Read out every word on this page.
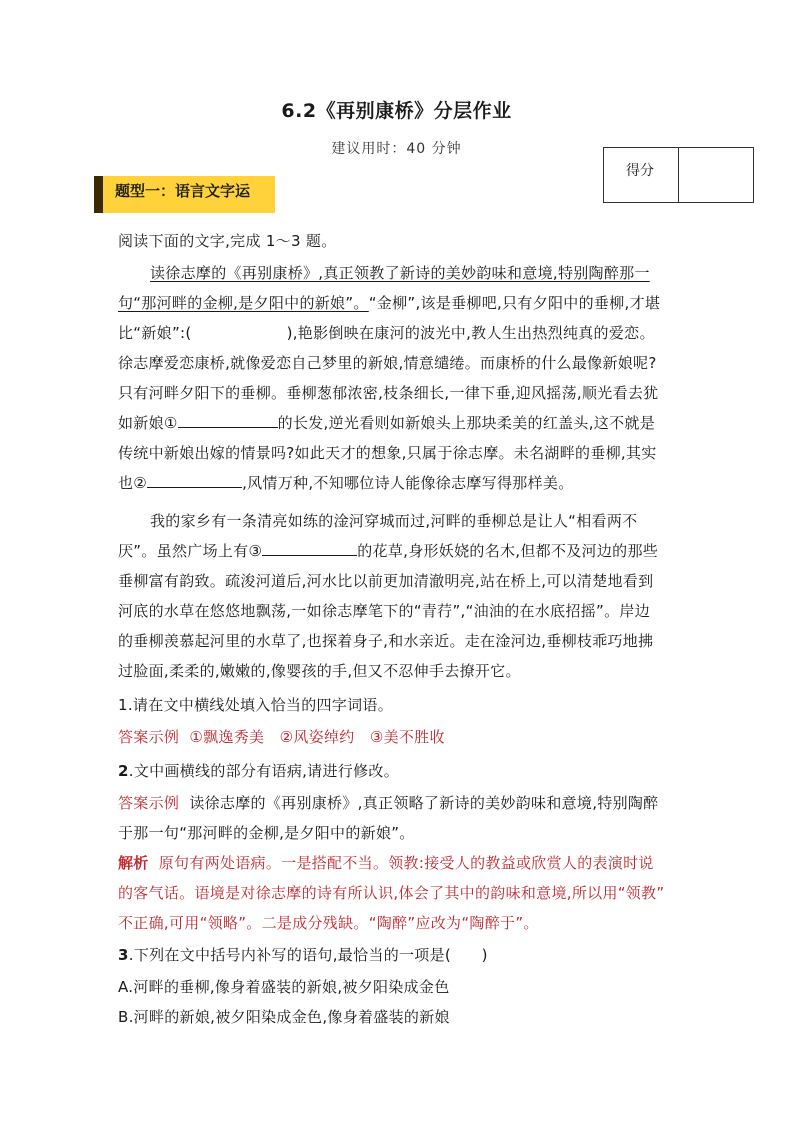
6.2《再别康桥》分层作业
建议用时：40 分钟
得分
题型一：语言文字运
阅读下面的文字,完成 1～3 题。
读徐志摩的《再别康桥》,真正领教了新诗的美妙韵味和意境,特别陶醉那一
句“那河畔的金柳,是夕阳中的新娘”。“金柳”,该是垂柳吧,只有夕阳中的垂柳,才堪
比“新娘”:(	),艳影倒映在康河的波光中,教人生出热烈纯真的爱恋。
徐志摩爱恋康桥,就像爱恋自己梦里的新娘,情意缱绻。而康桥的什么最像新娘呢?
只有河畔夕阳下的垂柳。垂柳葱郁浓密,枝条细长,一律下垂,迎风摇荡,顺光看去犹
如新娘①	的长发,逆光看则如新娘头上那块柔美的红盖头,这不就是
传统中新娘出嫁的情景吗?如此天才的想象,只属于徐志摩。未名湖畔的垂柳,其实
也②	,风情万种,不知哪位诗人能像徐志摩写得那样美。
我的家乡有一条清亮如练的淦河穿城而过,河畔的垂柳总是让人“相看两不
厌”。虽然广场上有③	的花草,身形妖娆的名木,但都不及河边的那些
垂柳富有韵致。疏浚河道后,河水比以前更加清澈明亮,站在桥上,可以清楚地看到
河底的水草在悠悠地飘荡,一如徐志摩笔下的“青荇”,“油油的在水底招摇”。岸边
的垂柳羡慕起河里的水草了,也探着身子,和水亲近。走在淦河边,垂柳枝乖巧地拂
过脸面,柔柔的,嫩嫩的,像婴孩的手,但又不忍伸手去撩开它。
1.请在文中横线处填入恰当的四字词语。
答案示例 ①飘逸秀美　②风姿绰约　③美不胜收
2.文中画横线的部分有语病,请进行修改。
答案示例 读徐志摩的《再别康桥》,真正领略了新诗的美妙韵味和意境,特别陶醉
于那一句“那河畔的金柳,是夕阳中的新娘”。
解析 原句有两处语病。一是搭配不当。领教:接受人的教益或欣赏人的表演时说
的客气话。语境是对徐志摩的诗有所认识,体会了其中的韵味和意境,所以用“领教”
不正确,可用“领略”。二是成分残缺。“陶醉”应改为“陶醉于”。
3.下列在文中括号内补写的语句,最恰当的一项是(　　)
A.河畔的垂柳,像身着盛装的新娘,被夕阳染成金色
B.河畔的新娘,被夕阳染成金色,像身着盛装的新娘
